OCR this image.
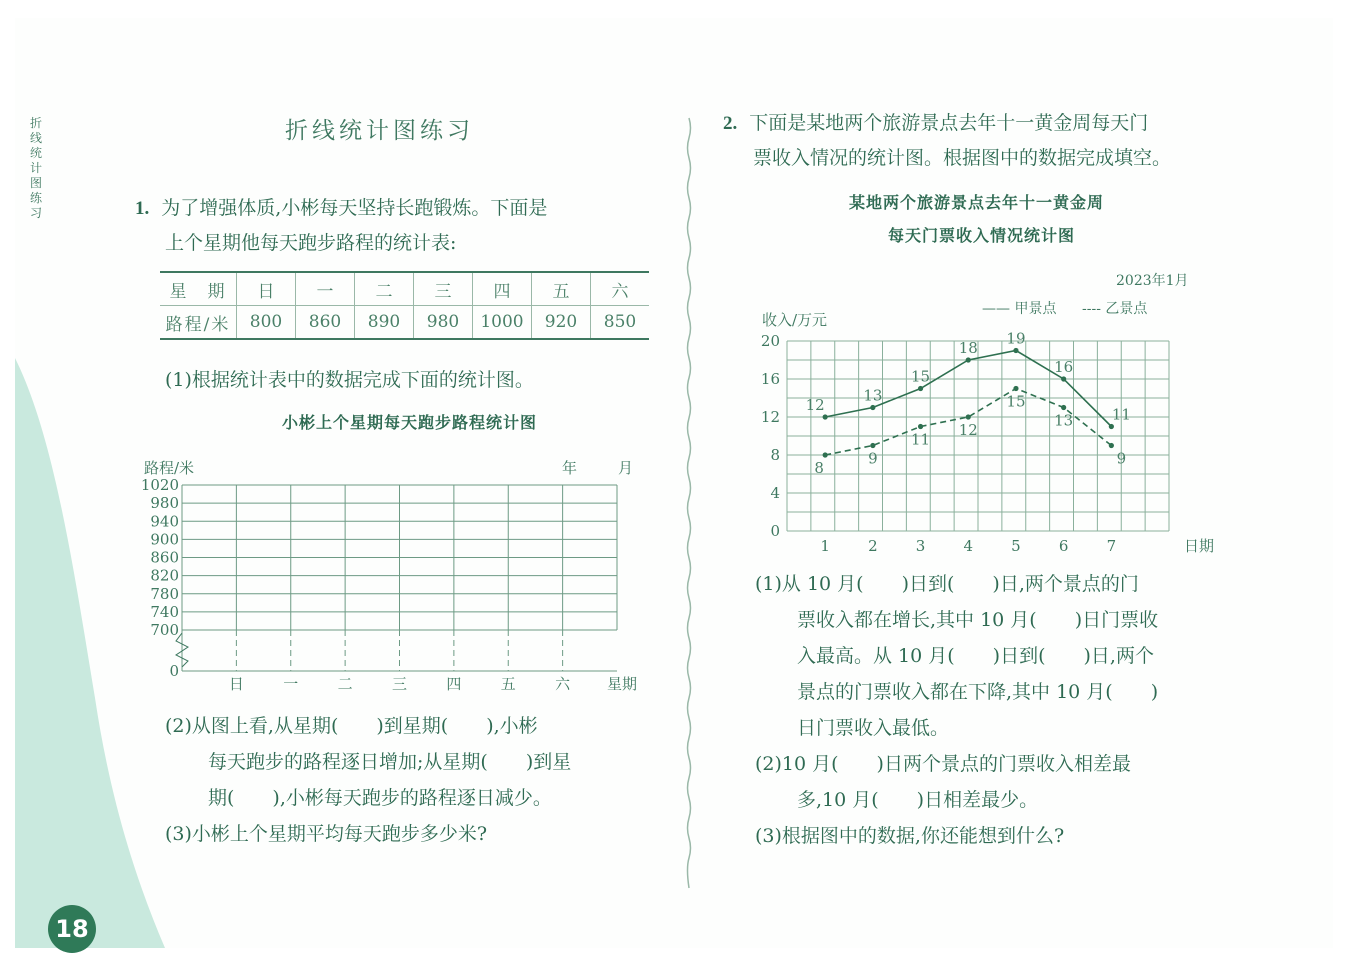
折
线
统
计
图
练
习
折线统计图练习
1. 为了增强体质,小彬每天坚持长跑锻炼。下面是
上个星期他每天跑步路程的统计表:
星　期	日	一	二	三	四	五	六
路程/米	800	860	890	980	1000	920	850
(1)根据统计表中的数据完成下面的统计图。
小彬上个星期每天跑步路程统计图
路程/米	年	月
1020
980
940
900
860
820
780
740
700
0
日	一	二	三	四	五	六 星期
(2)从图上看,从星期(　　)到星期(　　),小彬
每天跑步的路程逐日增加;从星期(　　)到星
期(　　),小彬每天跑步的路程逐日减少。
(3)小彬上个星期平均每天跑步多少米?
2. 下面是某地两个旅游景点去年十一黄金周每天门
票收入情况的统计图。根据图中的数据完成填空。
某地两个旅游景点去年十一黄金周
每天门票收入情况统计图
2023年1月
—— 甲景点 ---- 乙景点
收入/万元
0
4
8
12
16
20
1	2	3	4	5	6	7	日期
12
13
15
18
19
16
11
8
9
11
12
15
13
9
(1)从 10 月(　　)日到(　　)日,两个景点的门
票收入都在增长,其中 10 月(　　)日门票收
入最高。从 10 月(　　)日到(　　)日,两个
景点的门票收入都在下降,其中 10 月(　　)
日门票收入最低。
(2)10 月(　　)日两个景点的门票收入相差最
多,10 月(　　)日相差最少。
(3)根据图中的数据,你还能想到什么?
18
